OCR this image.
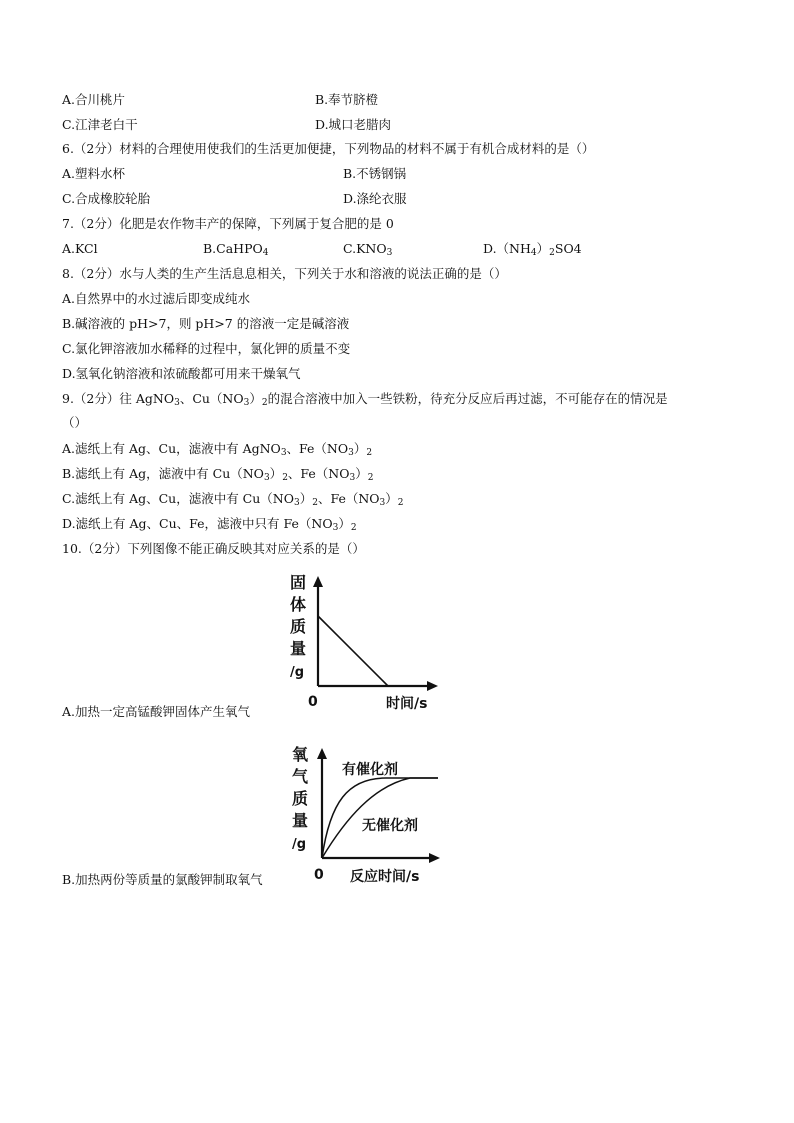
A.合川桃片	B.奉节脐橙
C.江津老白干	D.城口老腊肉
6.（2分）材料的合理使用使我们的生活更加便捷，下列物品的材料不属于有机合成材料的是（）
A.塑料水杯	B.不锈钢锅
C.合成橡胶轮胎	D.涤纶衣服
7.（2分）化肥是农作物丰产的保障，下列属于复合肥的是 0
A.KCl	B.CaHPO$_4$	$C.KNO_3$	$D.(NH_4)_2SO4$
8.（2分）水与人类的生产生活息息相关，下列关于水和溶液的说法正确的是（）
A.自然界中的水过滤后即变成纯水
B.碱溶液的 pH>7，则 pH>7 的溶液一定是碱溶液
C.氯化钾溶液加水稀释的过程中，氯化钾的质量不变
D.氢氧化钠溶液和浓硫酸都可用来干燥氧气
9.（2分）往 AgNO$_3$、$Cu(NO_3)_2$的混合溶液中加入一些铁粉，待充分反应后再过滤，不可能存在的情况是
（）
A.滤纸上有 Ag、Cu，滤液中有 AgNO$_3$、$Fe(NO_3)_2$
B.滤纸上有 Ag，滤液中有 $Cu(NO_3)_2$、$Fe(NO_3)_2$
C.滤纸上有 Ag、Cu，滤液中有 $Cu(NO_3)_2$、$Fe(NO_3)_2$
D.滤纸上有 Ag、Cu、Fe，滤液中只有 $Fe(NO_3)_2$
10.（2分）下列图像不能正确反映其对应关系的是（）
固
体
质
量
/g
0	时间/s
A.加热一定高锰酸钾固体产生氧气
氧
气
质
量
/g
0 反应时间/s
有催化剂
无催化剂
B.加热两份等质量的氯酸钾制取氧气
